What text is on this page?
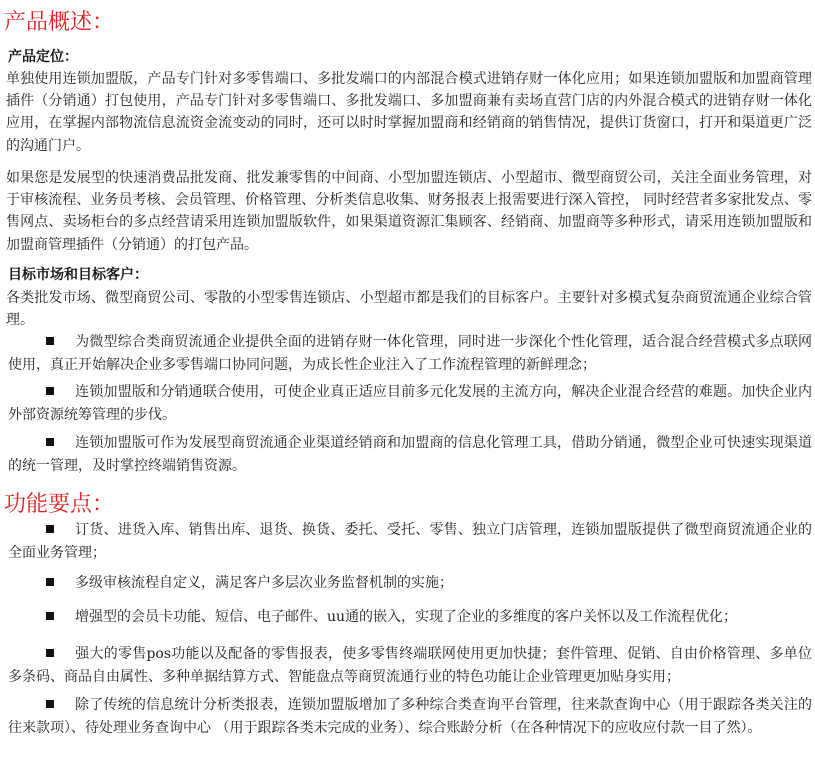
产品概述：
产品定位：
单独使用连锁加盟版，产品专门针对多零售端口、多批发端口的内部混合模式进销存财一体化应用；如果连锁加盟版和加盟商管理插件（分销通）打包使用，产品专门针对多零售端口、多批发端口、多加盟商兼有卖场直营门店的内外混合模式的进销存财一体化应用，在掌握内部物流信息流资金流变动的同时，还可以时时掌握加盟商和经销商的销售情况，提供订货窗口，打开和渠道更广泛的沟通门户。
如果您是发展型的快速消费品批发商、批发兼零售的中间商、小型加盟连锁店、小型超市、微型商贸公司，关注全面业务管理，对于审核流程、业务员考核、会员管理、价格管理、分析类信息收集、财务报表上报需要进行深入管控， 同时经营者多家批发点、零售网点、卖场柜台的多点经营请采用连锁加盟版软件，如果渠道资源汇集顾客、经销商、加盟商等多种形式，请采用连锁加盟版和加盟商管理插件（分销通）的打包产品。
目标市场和目标客户：
各类批发市场、微型商贸公司、零散的小型零售连锁店、小型超市都是我们的目标客户。主要针对多模式复杂商贸流通企业综合管理。
为微型综合类商贸流通企业提供全面的进销存财一体化管理，同时进一步深化个性化管理，适合混合经营模式多点联网使用，真正开始解决企业多零售端口协同问题，为成长性企业注入了工作流程管理的新鲜理念；
连锁加盟版和分销通联合使用，可使企业真正适应目前多元化发展的主流方向，解决企业混合经营的难题。加快企业内外部资源统筹管理的步伐。
连锁加盟版可作为发展型商贸流通企业渠道经销商和加盟商的信息化管理工具，借助分销通，微型企业可快速实现渠道的统一管理，及时掌控终端销售资源。
功能要点：
订货、进货入库、销售出库、退货、换货、委托、受托、零售、独立门店管理，连锁加盟版提供了微型商贸流通企业的全面业务管理；
多级审核流程自定义，满足客户多层次业务监督机制的实施；
增强型的会员卡功能、短信、电子邮件、uu通的嵌入，实现了企业的多维度的客户关怀以及工作流程优化；
强大的零售pos功能以及配备的零售报表，使多零售终端联网使用更加快捷；套件管理、促销、自由价格管理、多单位多条码、商品自由属性、多种单据结算方式、智能盘点等商贸流通行业的特色功能让企业管理更加贴身实用；
除了传统的信息统计分析类报表，连锁加盟版增加了多种综合类查询平台管理，往来款查询中心（用于跟踪各类关注的往来款项）、待处理业务查询中心 （用于跟踪各类未完成的业务）、综合账龄分析（在各种情况下的应收应付款一目了然）。
